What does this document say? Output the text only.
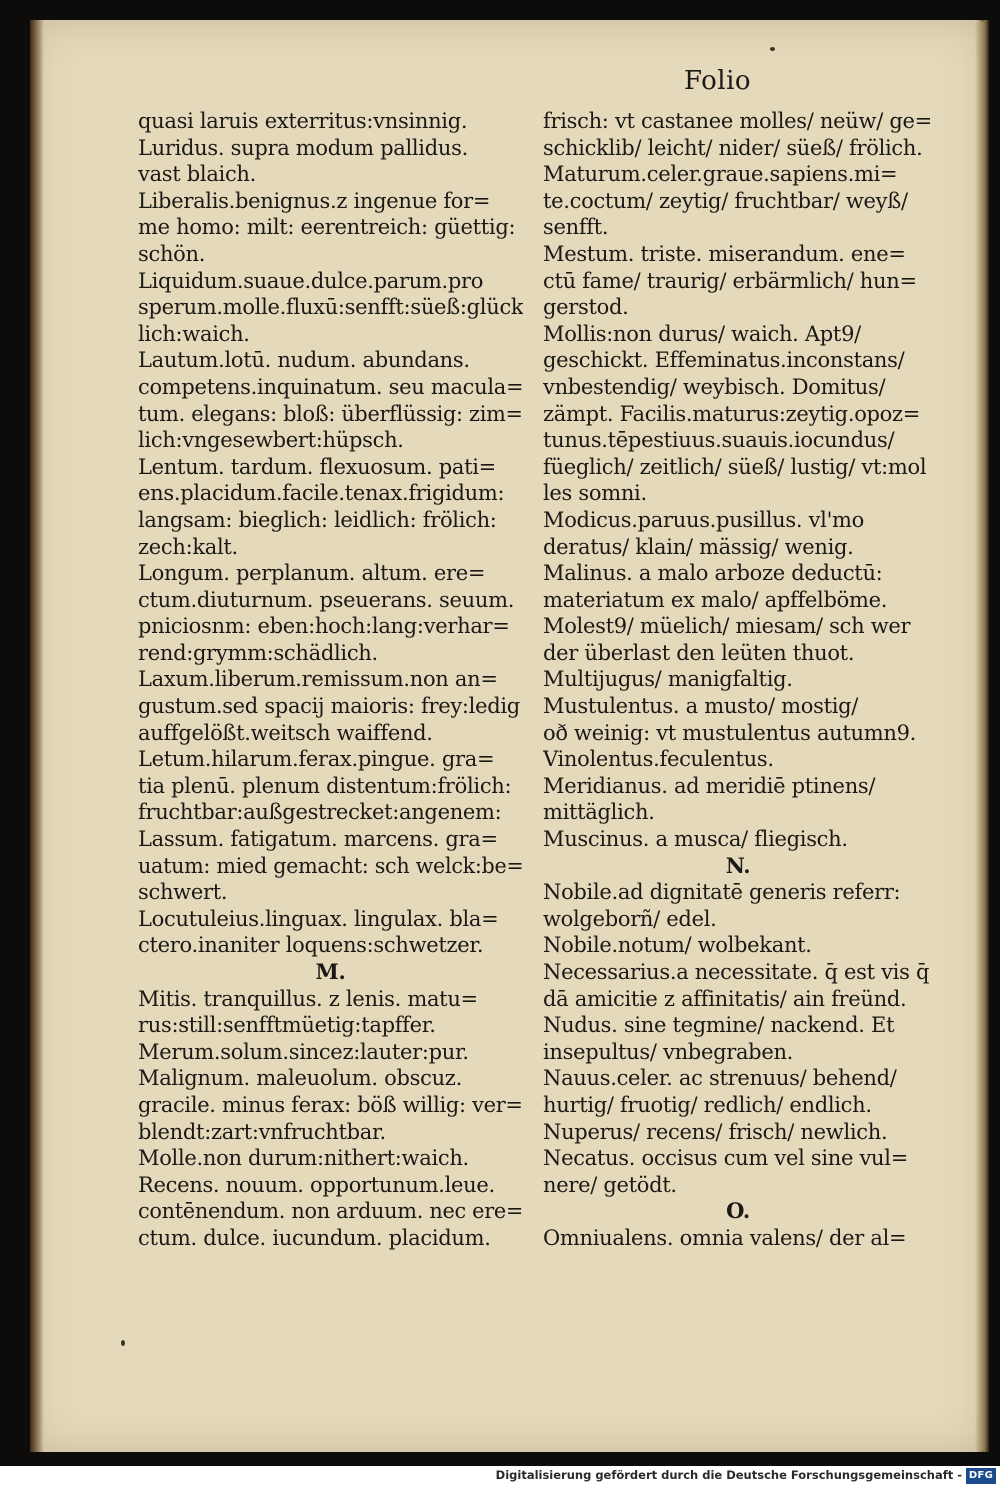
Folio
quasi laruis exterritus:vnsinnig.
Luridus. supra modum pallidus.
vast blaich.
Liberalis.benignus.z ingenue for=
me homo: milt: eerentreich: güettig:
schön.
Liquidum.suaue.dulce.parum.pro
sperum.molle.fluxū:senfft:süeß:glück
lich:waich.
Lautum.lotū. nudum. abundans.
competens.inquinatum. seu macula=
tum. elegans: bloß: überflüssig: zim=
lich:vngesewbert:hüpsch.
Lentum. tardum. flexuosum. pati=
ens.placidum.facile.tenax.frigidum:
langsam: bieglich: leidlich: frölich:
zech:kalt.
Longum. perplanum. altum. ere=
ctum.diuturnum. pseuerans. seuum.
pniciosnm: eben:hoch:lang:verhar=
rend:grymm:schädlich.
Laxum.liberum.remissum.non an=
gustum.sed spacij maioris: frey:ledig
auffgelößt.weitsch waiffend.
Letum.hilarum.ferax.pingue. gra=
tia plenū. plenum distentum:frölich:
fruchtbar:außgestrecket:angenem:
Lassum. fatigatum. marcens. gra=
uatum: mied gemacht: sch welck:be=
schwert.
Locutuleius.linguax. lingulax. bla=
ctero.inaniter loquens:schwetzer.
M.
Mitis. tranquillus. z lenis. matu=
rus:still:senfftmüetig:tapffer.
Merum.solum.sincez:lauter:pur.
Malignum. maleuolum. obscuz.
gracile. minus ferax: böß willig: ver=
blendt:zart:vnfruchtbar.
Molle.non durum:nithert:waich.
Recens. nouum. opportunum.leue.
contēnendum. non arduum. nec ere=
ctum. dulce. iucundum. placidum.
frisch: vt castanee molles/ neüw/ ge=
schicklib/ leicht/ nider/ süeß/ frölich.
Maturum.celer.graue.sapiens.mi=
te.coctum/ zeytig/ fruchtbar/ weyß/
senfft.
Mestum. triste. miserandum. ene=
ctū fame/ traurig/ erbärmlich/ hun=
gerstod.
Mollis:non durus/ waich. Apt9/
geschickt. Effeminatus.inconstans/
vnbestendig/ weybisch. Domitus/
zämpt. Facilis.maturus:zeytig.opoz=
tunus.tēpestiuus.suauis.iocundus/
füeglich/ zeitlich/ süeß/ lustig/ vt:mol
les somni.
Modicus.paruus.pusillus. vl'mo
deratus/ klain/ mässig/ wenig.
Malinus. a malo arboze deductū:
materiatum ex malo/ apffelböme.
Molest9/ müelich/ miesam/ sch wer
der überlast den leüten thuot.
Multijugus/ manigfaltig.
Mustulentus. a musto/ mostig/
oð weinig: vt mustulentus autumn9.
Vinolentus.feculentus.
Meridianus. ad meridiē ptinens/
mittäglich.
Muscinus. a musca/ fliegisch.
N.
Nobile.ad dignitatē generis referr:
wolgeborñ/ edel.
Nobile.notum/ wolbekant.
Necessarius.a necessitate. q̄ est vis q̄
dā amicitie z affinitatis/ ain freünd.
Nudus. sine tegmine/ nackend. Et
insepultus/ vnbegraben.
Nauus.celer. ac strenuus/ behend/
hurtig/ fruotig/ redlich/ endlich.
Nuperus/ recens/ frisch/ newlich.
Necatus. occisus cum vel sine vul=
nere/ getödt.
O.
Omniualens. omnia valens/ der al=
Digitalisierung gefördert durch die Deutsche Forschungsgemeinschaft - DFG
